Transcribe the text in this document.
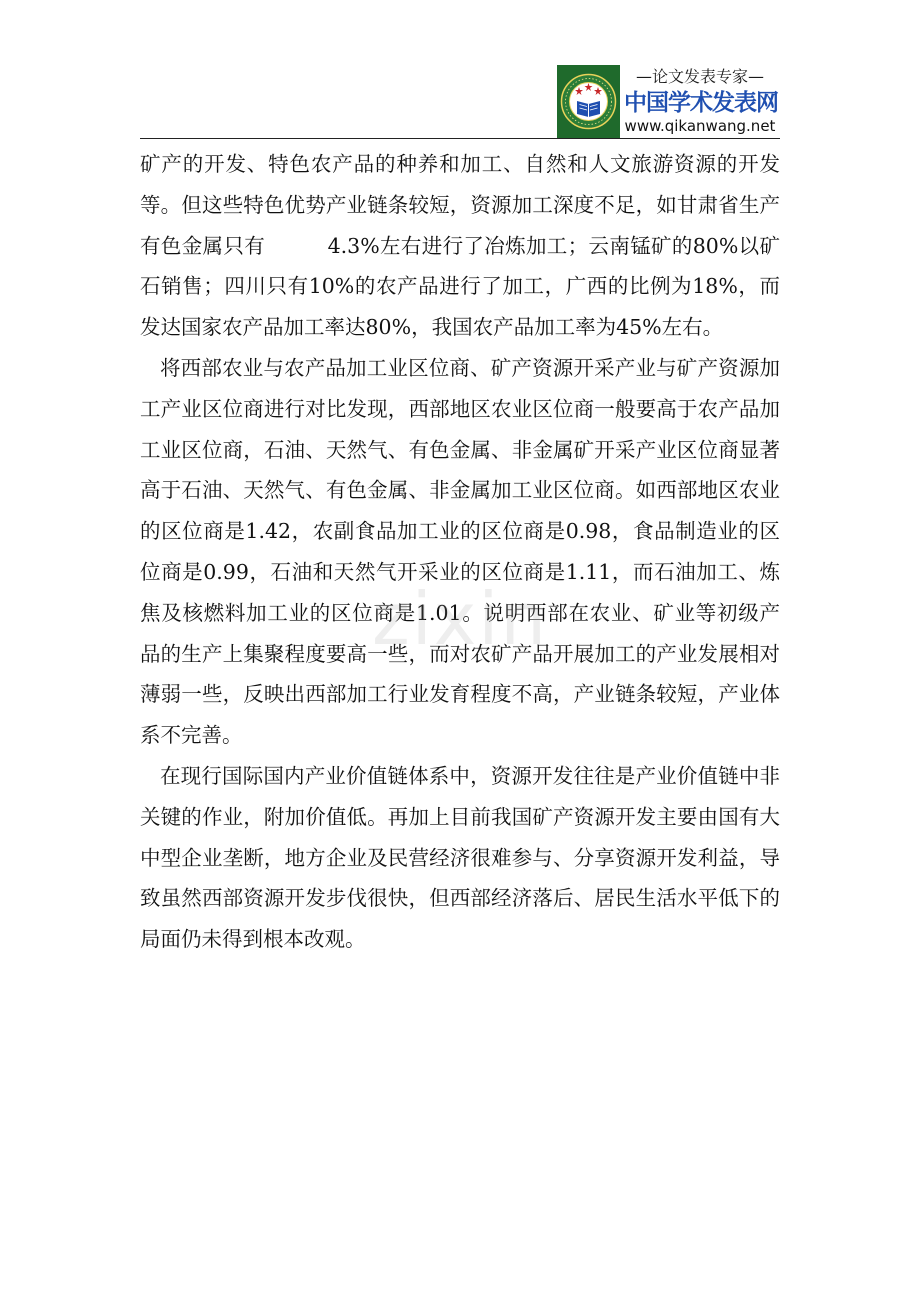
—论文发表专家—
中国学术发表网
www.qikanwang.net

矿产的开发、特色农产品的种养和加工、自然和人文旅游资源的开发等。但这些特色优势产业链条较短，资源加工深度不足，如甘肃省生产有色金属只有　　　4.3%左右进行了冶炼加工；云南锰矿的80%以矿石销售；四川只有10%的农产品进行了加工，广西的比例为18%，而发达国家农产品加工率达80%，我国农产品加工率为45%左右。

将西部农业与农产品加工业区位商、矿产资源开采产业与矿产资源加工产业区位商进行对比发现，西部地区农业区位商一般要高于农产品加工业区位商，石油、天然气、有色金属、非金属矿开采产业区位商显著高于石油、天然气、有色金属、非金属加工业区位商。如西部地区农业的区位商是1.42，农副食品加工业的区位商是0.98，食品制造业的区位商是0.99，石油和天然气开采业的区位商是1.11，而石油加工、炼焦及核燃料加工业的区位商是1.01。说明西部在农业、矿业等初级产品的生产上集聚程度要高一些，而对农矿产品开展加工的产业发展相对薄弱一些，反映出西部加工行业发育程度不高，产业链条较短，产业体系不完善。

在现行国际国内产业价值链体系中，资源开发往往是产业价值链中非关键的作业，附加价值低。再加上目前我国矿产资源开发主要由国有大中型企业垄断，地方企业及民营经济很难参与、分享资源开发利益，导致虽然西部资源开发步伐很快，但西部经济落后、居民生活水平低下的局面仍未得到根本改观。

zixin
